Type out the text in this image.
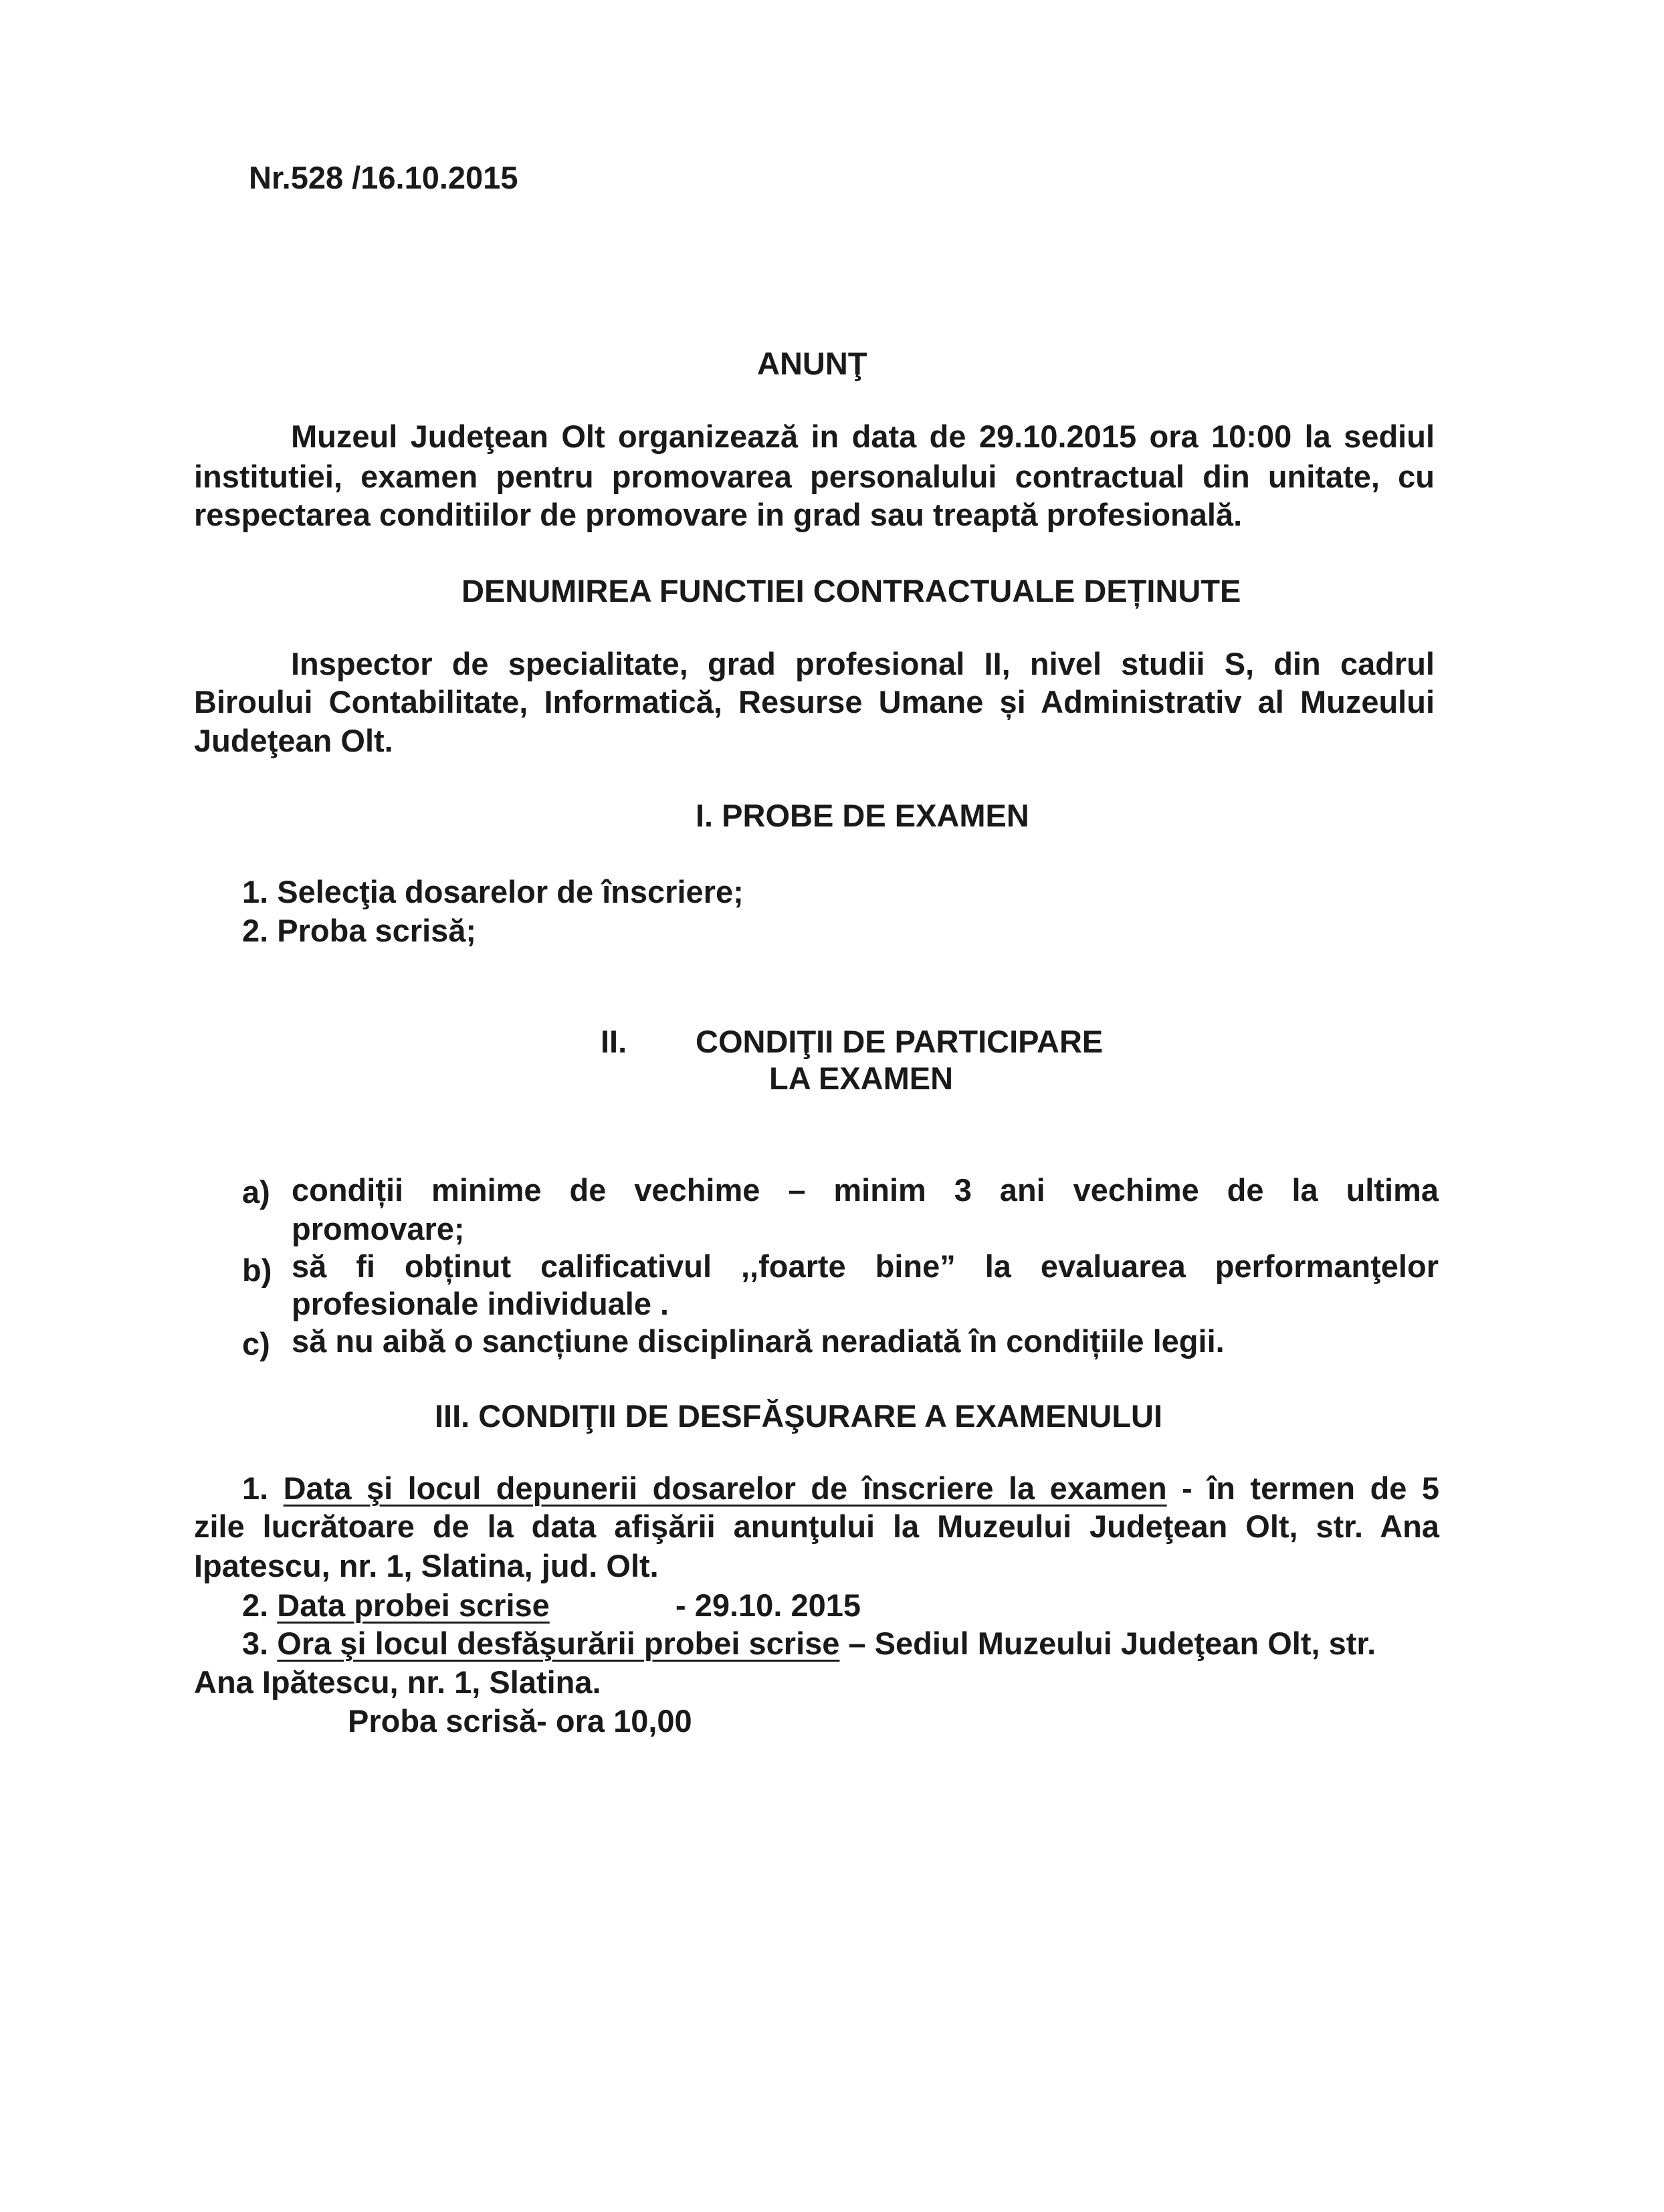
Nr.528 /16.10.2015

ANUNŢ

Muzeul Judeţean Olt organizează in data de 29.10.2015 ora 10:00 la sediul

institutiei, examen pentru promovarea personalului contractual din unitate, cu

respectarea conditiilor de promovare in grad sau treaptă profesională.

DENUMIREA FUNCTIEI CONTRACTUALE DEȚINUTE

Inspector de specialitate, grad profesional II, nivel studii S, din cadrul

Biroului Contabilitate, Informatică, Resurse Umane și Administrativ al Muzeului

Judeţean Olt.

I. PROBE DE EXAMEN

1. Selecţia dosarelor de înscriere;

2. Proba scrisă;

II. CONDIŢII DE PARTICIPARE

LA EXAMEN

a) condiții minime de vechime – minim 3 ani vechime de la ultima

promovare;

b) să fi obținut calificativul ,,foarte bine” la evaluarea performanţelor

profesionale individuale .

c) să nu aibă o sancțiune disciplinară neradiată în condițiile legii.

III. CONDIŢII DE DESFĂŞURARE A EXAMENULUI

1. Data şi locul depunerii dosarelor de înscriere la examen - în termen de 5

zile lucrătoare de la data afişării anunţului la Muzeului Judeţean Olt, str. Ana

Ipatescu, nr. 1, Slatina, jud. Olt.

2. Data probei scrise	- 29.10. 2015

3. Ora şi locul desfăşurării probei scrise – Sediul Muzeului Judeţean Olt, str.

Ana Ipătescu, nr. 1, Slatina.

Proba scrisă- ora 10,00
